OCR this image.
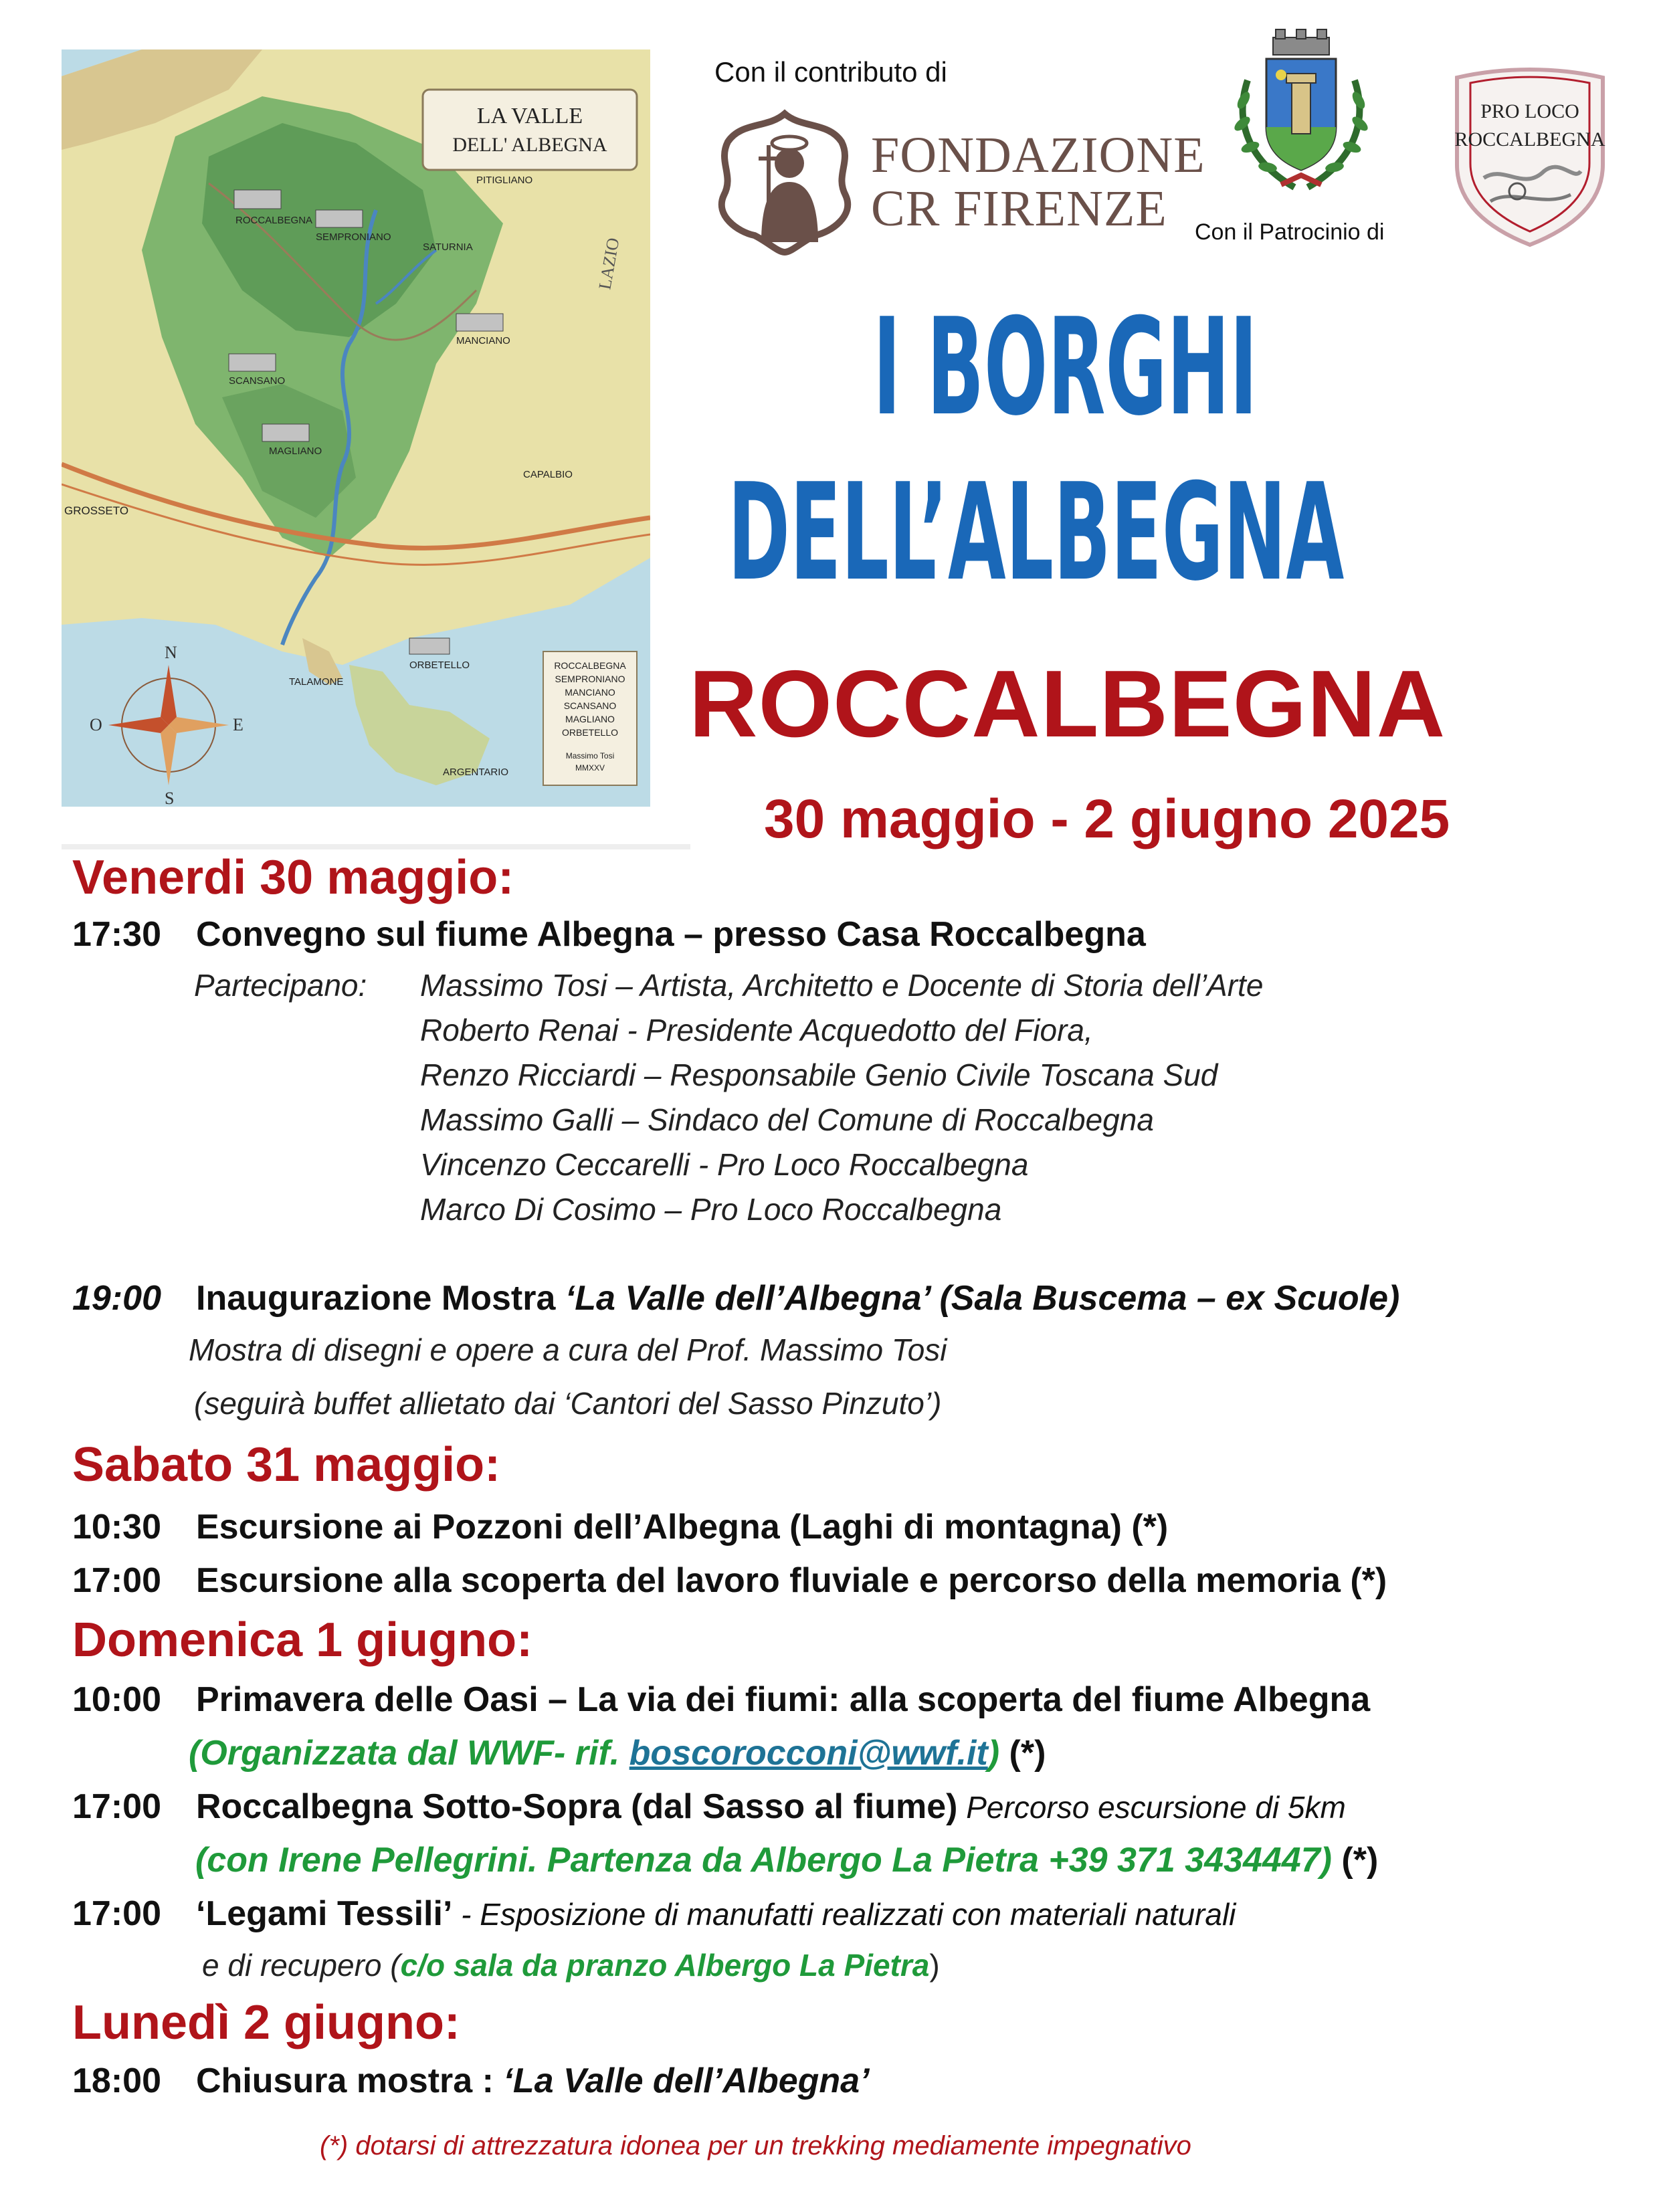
LA VALLE
DELL' ALBEGNA
LAZIO
ROCCALBEGNA
SEMPRONIANO
MANCIANO
SCANSANO
MAGLIANO
GROSSETO
ORBETELLO
ARGENTARIO
TALAMONE
CAPALBIO
PITIGLIANO
SATURNIA
ROCCALBEGNA
SEMPRONIANO
MANCIANO
SCANSANO
MAGLIANO
ORBETELLO
Massimo Tosi
MMXXV
N
E
S
O
Con il contributo di
FONDAZIONE
CR FIRENZE	Con il Patrocinio di
PRO LOCO
ROCCALBEGNA
I BORGHI
DELL’ALBEGNA
ROCCALBEGNA
30 maggio - 2 giugno 2025
Venerdi 30 maggio:
17:30 Convegno sul fiume Albegna – presso Casa Roccalbegna
Partecipano: Massimo Tosi – Artista, Architetto e Docente di Storia dell’Arte
Roberto Renai - Presidente Acquedotto del Fiora,
Renzo Ricciardi – Responsabile Genio Civile Toscana Sud
Massimo Galli – Sindaco del Comune di Roccalbegna
Vincenzo Ceccarelli - Pro Loco Roccalbegna
Marco Di Cosimo – Pro Loco Roccalbegna
19:00 Inaugurazione Mostra ‘La Valle dell’Albegna’ (Sala Buscema – ex Scuole)
Mostra di disegni e opere a cura del Prof. Massimo Tosi
(seguirà buffet allietato dai ‘Cantori del Sasso Pinzuto’)
Sabato 31 maggio:
10:30 Escursione ai Pozzoni dell’Albegna (Laghi di montagna) (*)
17:00 Escursione alla scoperta del lavoro fluviale e percorso della memoria (*)
Domenica 1 giugno:
10:00 Primavera delle Oasi – La via dei fiumi: alla scoperta del fiume Albegna
(Organizzata dal WWF- rif. boscorocconi@wwf.it) (*)
17:00 Roccalbegna Sotto-Sopra (dal Sasso al fiume) Percorso escursione di 5km
(con Irene Pellegrini. Partenza da Albergo La Pietra +39 371 3434447) (*)
17:00 ‘Legami Tessili’ - Esposizione di manufatti realizzati con materiali naturali
e di recupero (c/o sala da pranzo Albergo La Pietra)
Lunedì 2 giugno:
18:00 Chiusura mostra : ‘La Valle dell’Albegna’
(*) dotarsi di attrezzatura idonea per un trekking mediamente impegnativo
